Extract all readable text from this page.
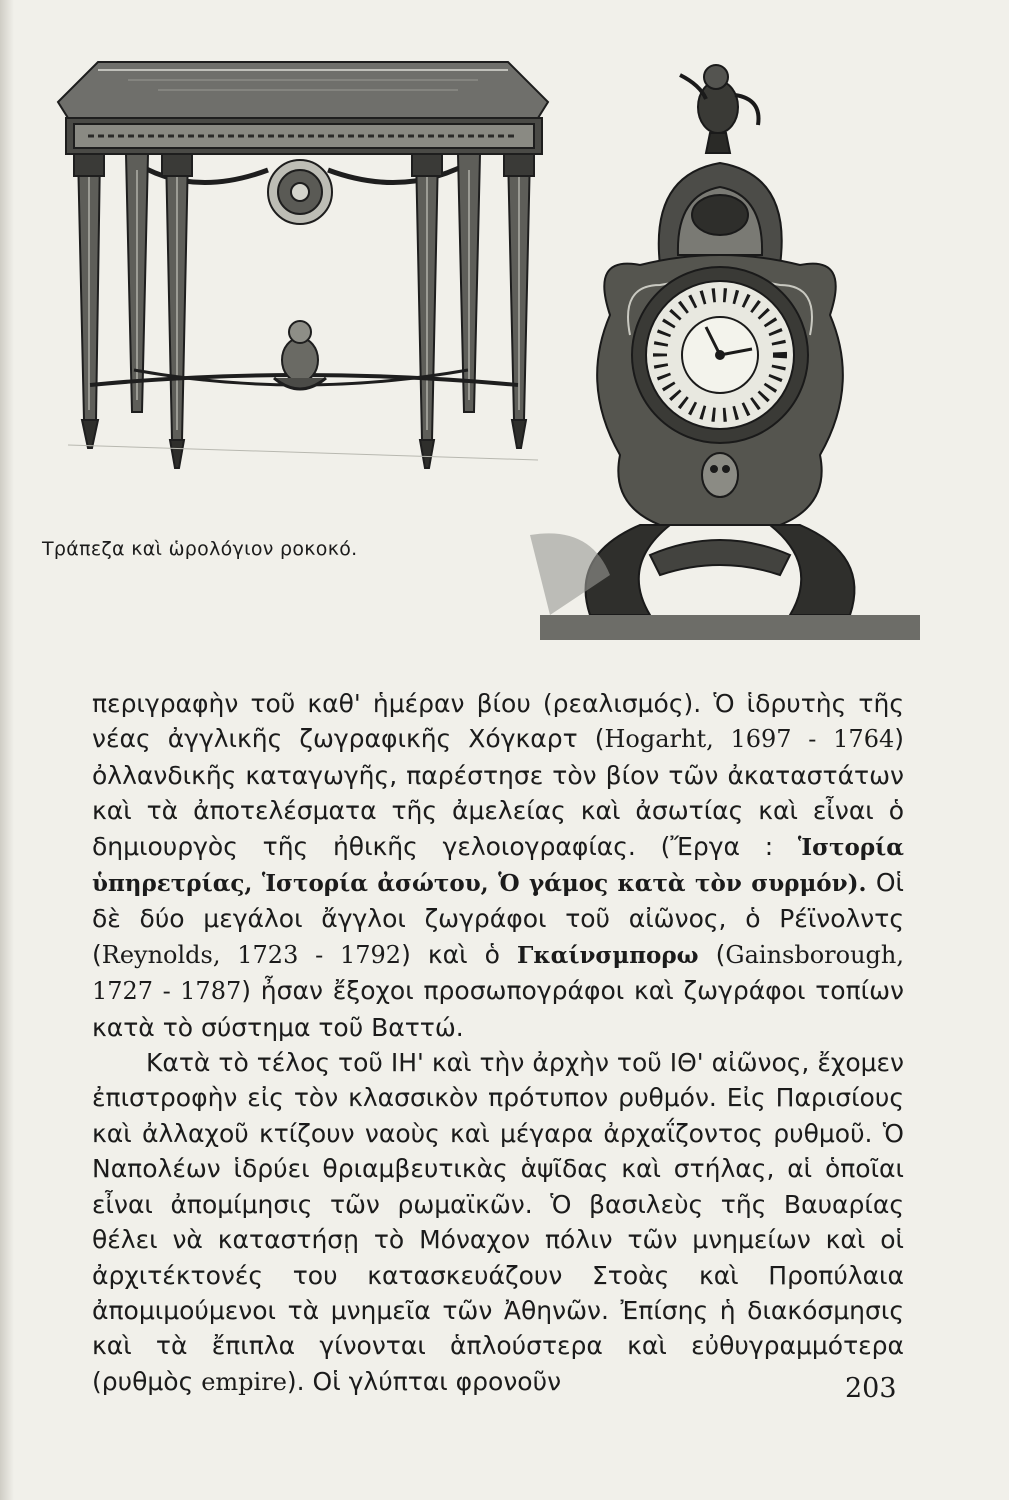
Τράπεζα καὶ ὡρολόγιον ροκοκό.

περιγραφὴν τοῦ καθ' ἡμέραν βίου (ρεαλισμός). Ὁ ἱδρυτὴς τῆς νέας ἀγγλικῆς ζωγραφικῆς Χόγκαρτ (Hogarht, 1697 - 1764) ὀλλανδικῆς καταγωγῆς, παρέστησε τὸν βίον τῶν ἀκαταστάτων καὶ τὰ ἀποτελέσματα τῆς ἀμελείας καὶ ἀσωτίας καὶ εἶναι ὁ δημιουργὸς τῆς ἠθικῆς γελοιογραφίας. (Ἔργα : Ἱστορία ὑπηρετρίας, Ἱστορία ἀσώτου, Ὁ γάμος κατὰ τὸν συρμόν). Οἱ δὲ δύο μεγάλοι ἄγγλοι ζωγράφοι τοῦ αἰῶνος, ὁ Ρέϊνολντς (Reynolds, 1723 - 1792) καὶ ὁ Γκαίνσμπορω (Gainsborough, 1727 - 1787) ἦσαν ἔξοχοι προσωπογράφοι καὶ ζωγράφοι τοπίων κατὰ τὸ σύστημα τοῦ Βαττώ.

Κατὰ τὸ τέλος τοῦ ΙΗ' καὶ τὴν ἀρχὴν τοῦ ΙΘ' αἰῶνος, ἔχομεν ἐπιστροφὴν εἰς τὸν κλασσικὸν πρότυπον ρυθμόν. Εἰς Παρισίους καὶ ἀλλαχοῦ κτίζουν ναοὺς καὶ μέγαρα ἀρχαΐζοντος ρυθμοῦ. Ὁ Ναπολέων ἱδρύει θριαμβευτικὰς ἁψῖδας καὶ στήλας, αἱ ὁποῖαι εἶναι ἀπομίμησις τῶν ρωμαϊκῶν. Ὁ βασιλεὺς τῆς Βαυαρίας θέλει νὰ καταστήσῃ τὸ Μόναχον πόλιν τῶν μνημείων καὶ οἱ ἀρχιτέκτονές του κατασκευάζουν Στοὰς καὶ Προπύλαια ἀπομιμούμενοι τὰ μνημεῖα τῶν Ἀθηνῶν. Ἐπίσης ἡ διακόσμησις καὶ τὰ ἔπιπλα γίνονται ἁπλούστερα καὶ εὐθυγραμμότερα (ρυθμὸς empire). Οἱ γλύπται φρονοῦν	203
